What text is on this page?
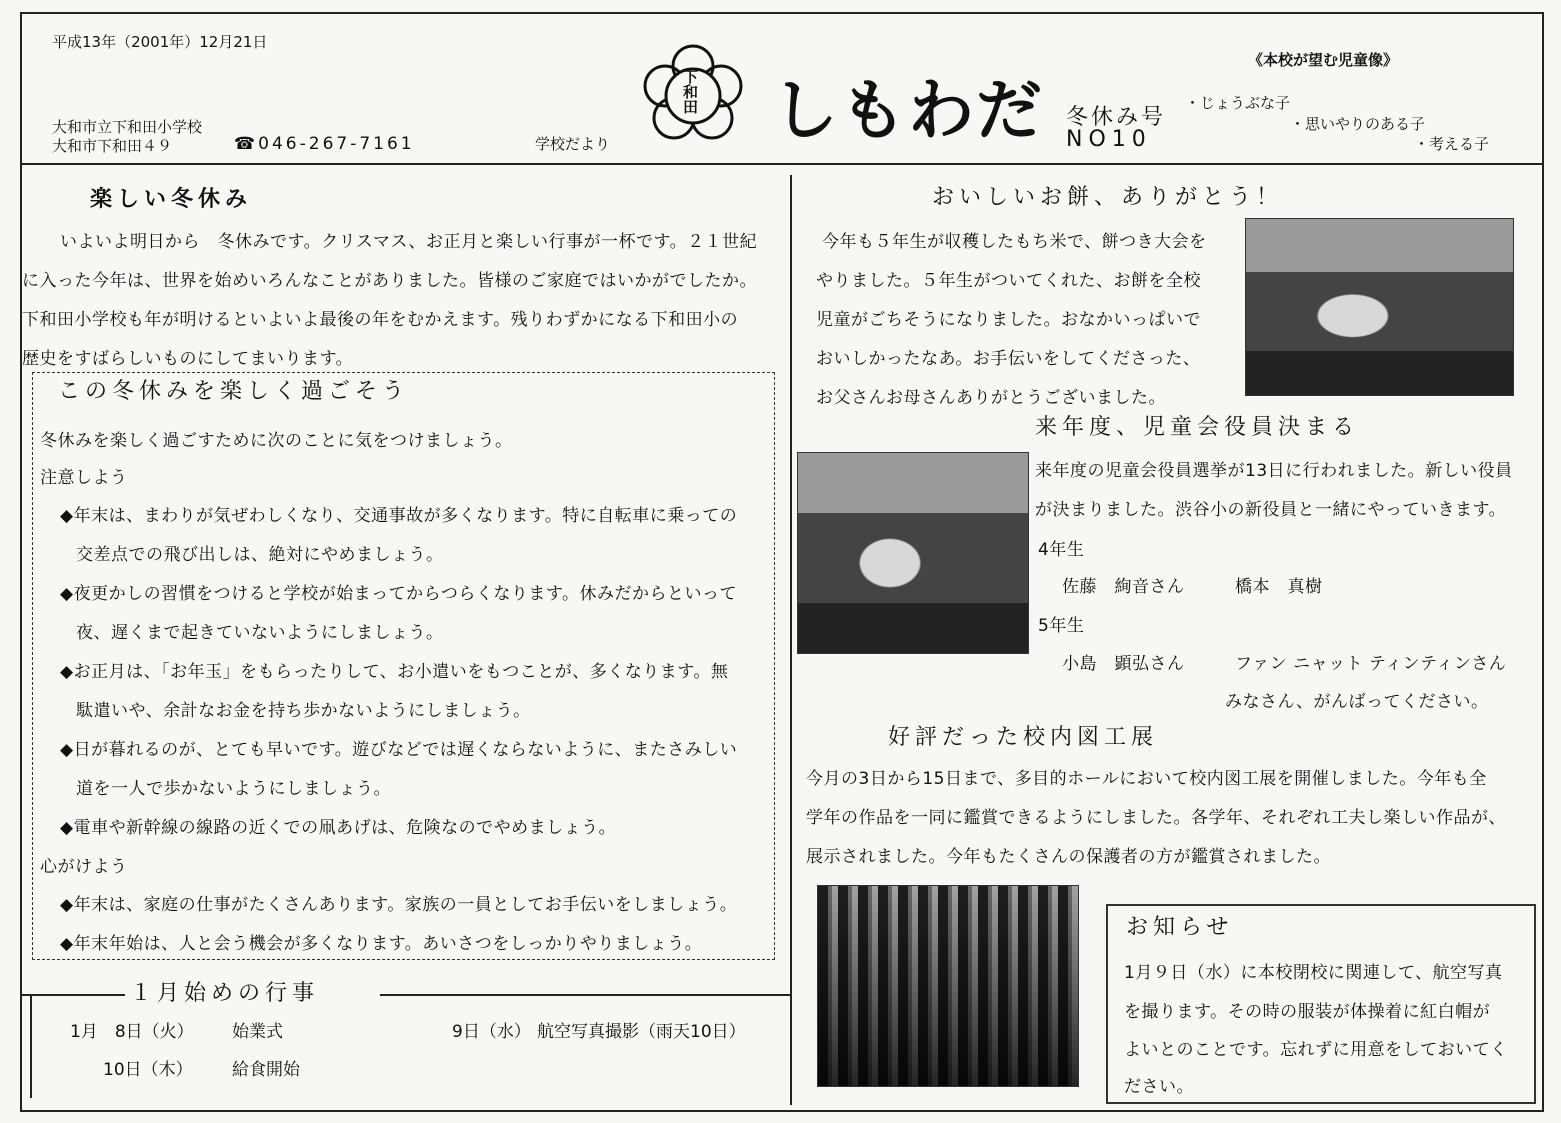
平成13年（2001年）12月21日
大和市立下和田小学校
大和市下和田４９	☎046-267-7161	学校だより
下
和
田 しもわだ 冬休み号
NO10
《本校が望む児童像》
・じょうぶな子
・思いやりのある子
・考える子
楽しい冬休み
いよいよ明日から　冬休みです。クリスマス、お正月と楽しい行事が一杯です。２１世紀
に入った今年は、世界を始めいろんなことがありました。皆様のご家庭ではいかがでしたか。
下和田小学校も年が明けるといよいよ最後の年をむかえます。残りわずかになる下和田小の
歴史をすばらしいものにしてまいります。
この冬休みを楽しく過ごそう
冬休みを楽しく過ごすために次のことに気をつけましょう。
注意しよう
◆年末は、まわりが気ぜわしくなり、交通事故が多くなります。特に自転車に乗っての
交差点での飛び出しは、絶対にやめましょう。
◆夜更かしの習慣をつけると学校が始まってからつらくなります。休みだからといって
夜、遅くまで起きていないようにしましょう。
◆お正月は、「お年玉」をもらったりして、お小遣いをもつことが、多くなります。無
駄遣いや、余計なお金を持ち歩かないようにしましょう。
◆日が暮れるのが、とても早いです。遊びなどでは遅くならないように、またさみしい
道を一人で歩かないようにしましょう。
◆電車や新幹線の線路の近くでの凧あげは、危険なのでやめましょう。
心がけよう
◆年末は、家庭の仕事がたくさんあります。家族の一員としてお手伝いをしましょう。
◆年末年始は、人と会う機会が多くなります。あいさつをしっかりやりましょう。
１月始めの行事
1月　8日（火） 始業式	9日（水） 航空写真撮影（雨天10日）
10日（木） 給食開始
おいしいお餅、ありがとう！
今年も５年生が収穫したもち米で、餅つき大会を
やりました。５年生がついてくれた、お餅を全校
児童がごちそうになりました。おなかいっぱいで
おいしかったなあ。お手伝いをしてくださった、
お父さんお母さんありがとうございました。
来年度、児童会役員決まる
来年度の児童会役員選挙が13日に行われました。新しい役員
が決まりました。渋谷小の新役員と一緒にやっていきます。
4年生
佐藤　絢音さん	橋本　真樹
5年生
小島　顕弘さん	ファン ニャット ティンティンさん
みなさん、がんばってください。
好評だった校内図工展
今月の3日から15日まで、多目的ホールにおいて校内図工展を開催しました。今年も全
学年の作品を一同に鑑賞できるようにしました。各学年、それぞれ工夫し楽しい作品が、
展示されました。今年もたくさんの保護者の方が鑑賞されました。
お知らせ
1月９日（水）に本校閉校に関連して、航空写真
を撮ります。その時の服装が体操着に紅白帽が
よいとのことです。忘れずに用意をしておいてく
ださい。
